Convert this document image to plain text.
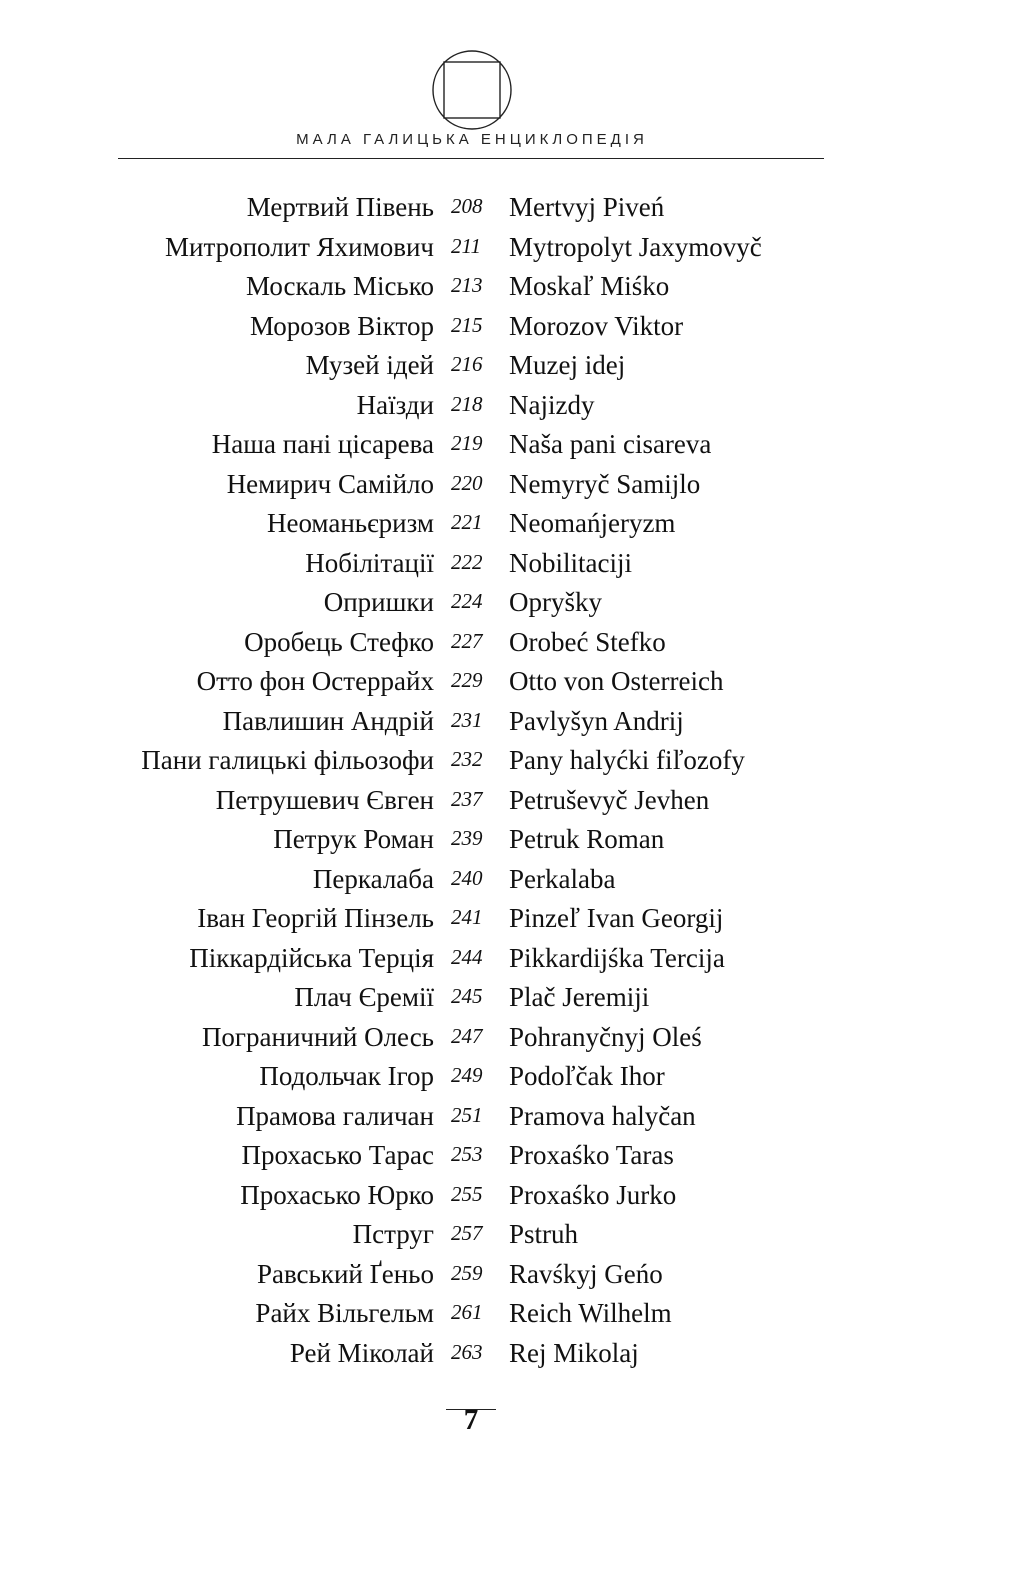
МАЛА ГАЛИЦЬКА ЕНЦИКЛОПЕДІЯ
Мертвий Півень 208 Mertvyj Piveń
Митрополит Яхимович 211	Mytropolyt Jaxymovyč
Москаль Місько 213 Moskaľ Miśko
Морозов Віктор 215 Morozov Viktor
Музей ідей 216 Muzej idej
Наїзди 218 Najizdy
Наша пані цісарева 219 Naša pani cisareva
Немирич Самійло 220 Nemyryč Samijlo
Неоманьєризм 221 Neomańjeryzm
Нобілітації 222 Nobilitaciji
Опришки 224 Opryšky
Оробець Стефко 227 Orobeć Stefko
Отто фон Остеррайх 229 Otto von Osterreich
Павлишин Андрій 231 Pavlyšyn Andrij
Пани галицькі фільозофи 232 Pany halyćki fiľozofy
Петрушевич Євген 237 Petruševyč Jevhen
Петрук Роман 239 Petruk Roman
Перкалаба 240 Perkalaba
Іван Георгій Пінзель 241 Pinzeľ Ivan Georgij
Піккардійська Терція 244 Pikkardijśka Tercija
Плач Єремії 245 Plač Jeremiji
Пограничний Олесь 247 Pohranyčnyj Oleś
Подольчак Ігор 249 Podoľčak Ihor
Прамова галичан 251 Pramova halyčan
Прохасько Тарас 253 Proxaśko Taras
Прохасько Юрко 255 Proxaśko Jurko
Пструг 257 Pstruh
Равський Ґеньо 259 Ravśkyj Geńo
Райх Вільгельм 261 Reich Wilhelm
Рей Міколай 263 Rej Mikolaj
7
